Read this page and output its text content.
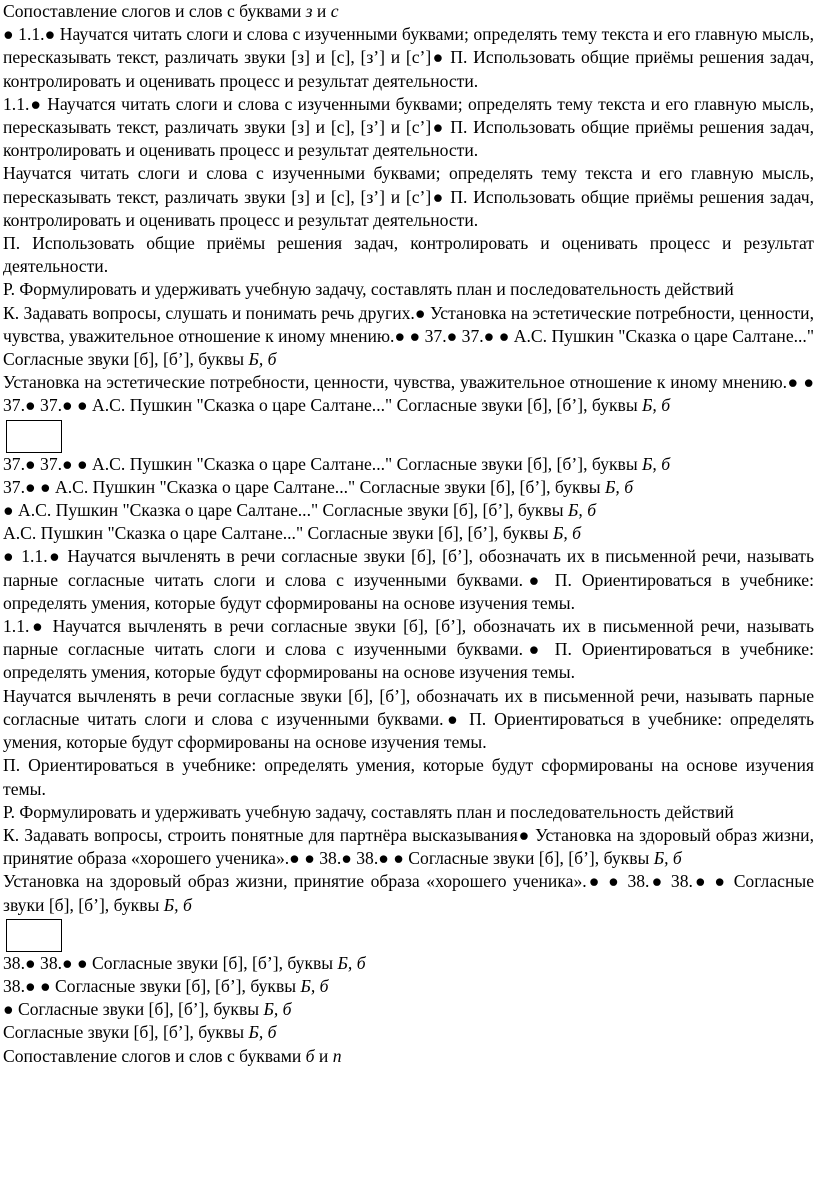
Сопоставление слогов и слов с буквами з и с

● 1.1.● Научатся читать слоги и слова с изученными буквами; определять тему текста и его главную мысль, пересказывать текст, различать звуки [з] и [с], [з’] и [с’]● П. Использовать общие приёмы решения задач, контролировать и оценивать процесс и результат деятельности.

1.1.● Научатся читать слоги и слова с изученными буквами; определять тему текста и его главную мысль, пересказывать текст, различать звуки [з] и [с], [з’] и [с’]● П. Использовать общие приёмы решения задач, контролировать и оценивать процесс и результат деятельности.

Научатся читать слоги и слова с изученными буквами; определять тему текста и его главную мысль, пересказывать текст, различать звуки [з] и [с], [з’] и [с’]● П. Использовать общие приёмы решения задач, контролировать и оценивать процесс и результат деятельности.

П. Использовать общие приёмы решения задач, контролировать и оценивать процесс и результат деятельности.

Р. Формулировать и удерживать учебную задачу, составлять план и последовательность действий

К. Задавать вопросы, слушать и понимать речь других.● Установка на эстетические потребности, ценности, чувства, уважительное отношение к иному мнению.● ● 37.● 37.● ● А.С. Пушкин "Сказка о царе Салтане..." Согласные звуки [б], [б’], буквы Б, б

Установка на эстетические потребности, ценности, чувства, уважительное отношение к иному мнению.● ● 37.● 37.● ● А.С. Пушкин "Сказка о царе Салтане..." Согласные звуки [б], [б’], буквы Б, б

37.● 37.● ● А.С. Пушкин "Сказка о царе Салтане..." Согласные звуки [б], [б’], буквы Б, б

37.● ● А.С. Пушкин "Сказка о царе Салтане..." Согласные звуки [б], [б’], буквы Б, б

● А.С. Пушкин "Сказка о царе Салтане..." Согласные звуки [б], [б’], буквы Б, б

А.С. Пушкин "Сказка о царе Салтане..." Согласные звуки [б], [б’], буквы Б, б

● 1.1.● Научатся вычленять в речи согласные звуки [б], [б’], обозначать их в письменной речи, называть парные согласные читать слоги и слова с изученными буквами.● П. Ориентироваться в учебнике: определять умения, которые будут сформированы на основе изучения темы.

1.1.● Научатся вычленять в речи согласные звуки [б], [б’], обозначать их в письменной речи, называть парные согласные читать слоги и слова с изученными буквами.● П. Ориентироваться в учебнике: определять умения, которые будут сформированы на основе изучения темы.

Научатся вычленять в речи согласные звуки [б], [б’], обозначать их в письменной речи, называть парные согласные читать слоги и слова с изученными буквами.● П. Ориентироваться в учебнике: определять умения, которые будут сформированы на основе изучения темы.

П. Ориентироваться в учебнике: определять умения, которые будут сформированы на основе изучения темы.

Р. Формулировать и удерживать учебную задачу, составлять план и последовательность действий

К. Задавать вопросы, строить понятные для партнёра высказывания● Установка на здоровый образ жизни, принятие образа «хорошего ученика».● ● 38.● 38.● ● Согласные звуки [б], [б’], буквы Б, б

Установка на здоровый образ жизни, принятие образа «хорошего ученика».● ● 38.● 38.● ● Согласные звуки [б], [б’], буквы Б, б

38.● 38.● ● Согласные звуки [б], [б’], буквы Б, б

38.● ● Согласные звуки [б], [б’], буквы Б, б

● Согласные звуки [б], [б’], буквы Б, б

Согласные звуки [б], [б’], буквы Б, б

Сопоставление слогов и слов с буквами б и п
